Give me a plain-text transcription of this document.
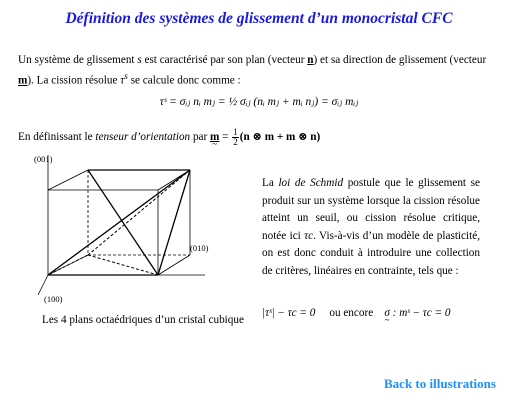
Définition des systèmes de glissement d’un monocristal CFC
Un système de glissement s est caractérisé par son plan (vecteur n) et sa direction de glissement (vecteur m). La cission résolue $\tau^s$ se calcule donc comme :
τˢ = σᵢⱼ nᵢ mⱼ = ½ σᵢⱼ (nᵢ mⱼ + mᵢ nⱼ) = σᵢⱼ mᵢⱼ
En définissant le tenseur d’orientation par m ~ = $\frac{1}{2} (n$ ⊗ m + m ⊗ n)
(001)
(010)
(100)
Les 4 plans octaédriques d’un cristal cubique
La loi de Schmid postule que le glissement se produit sur un système lorsque la cission résolue atteint un seuil, ou cission résolue critique, notée ici τc. Vis-à-vis d’un modèle de plasticité, on est donc conduit à introduire une collection de critères, linéaires en contrainte, tels que :
|τˢ| − τc = 0 ou encore σ ~ : mˢ − τc = 0
Back to illustrations
